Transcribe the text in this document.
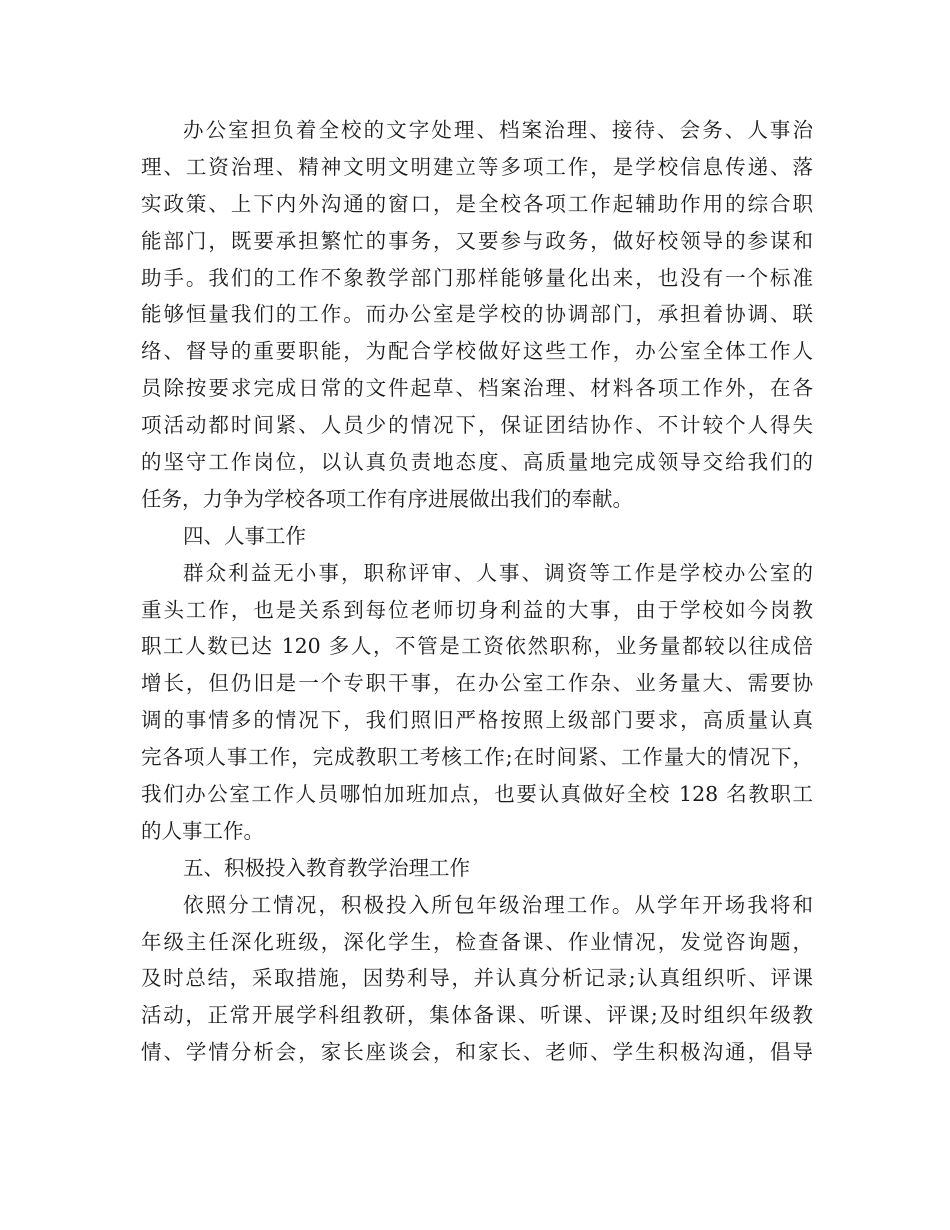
办公室担负着全校的文字处理、档案治理、接待、会务、人事治
理、工资治理、精神文明文明建立等多项工作，是学校信息传递、落
实政策、上下内外沟通的窗口，是全校各项工作起辅助作用的综合职
能部门，既要承担繁忙的事务，又要参与政务，做好校领导的参谋和
助手。我们的工作不象教学部门那样能够量化出来，也没有一个标准
能够恒量我们的工作。而办公室是学校的协调部门，承担着协调、联
络、督导的重要职能，为配合学校做好这些工作，办公室全体工作人
员除按要求完成日常的文件起草、档案治理、材料各项工作外，在各
项活动都时间紧、人员少的情况下，保证团结协作、不计较个人得失
的坚守工作岗位，以认真负责地态度、高质量地完成领导交给我们的
任务，力争为学校各项工作有序进展做出我们的奉献。
四、人事工作
群众利益无小事，职称评审、人事、调资等工作是学校办公室的
重头工作，也是关系到每位老师切身利益的大事，由于学校如今岗教
职工人数已达 120 多人，不管是工资依然职称，业务量都较以往成倍
增长，但仍旧是一个专职干事，在办公室工作杂、业务量大、需要协
调的事情多的情况下，我们照旧严格按照上级部门要求，高质量认真
完各项人事工作，完成教职工考核工作;在时间紧、工作量大的情况下，
我们办公室工作人员哪怕加班加点，也要认真做好全校 128 名教职工
的人事工作。
五、积极投入教育教学治理工作
依照分工情况，积极投入所包年级治理工作。从学年开场我将和
年级主任深化班级，深化学生，检查备课、作业情况，发觉咨询题，
及时总结，采取措施，因势利导，并认真分析记录;认真组织听、评课
活动，正常开展学科组教研，集体备课、听课、评课;及时组织年级教
情、学情分析会，家长座谈会，和家长、老师、学生积极沟通，倡导
